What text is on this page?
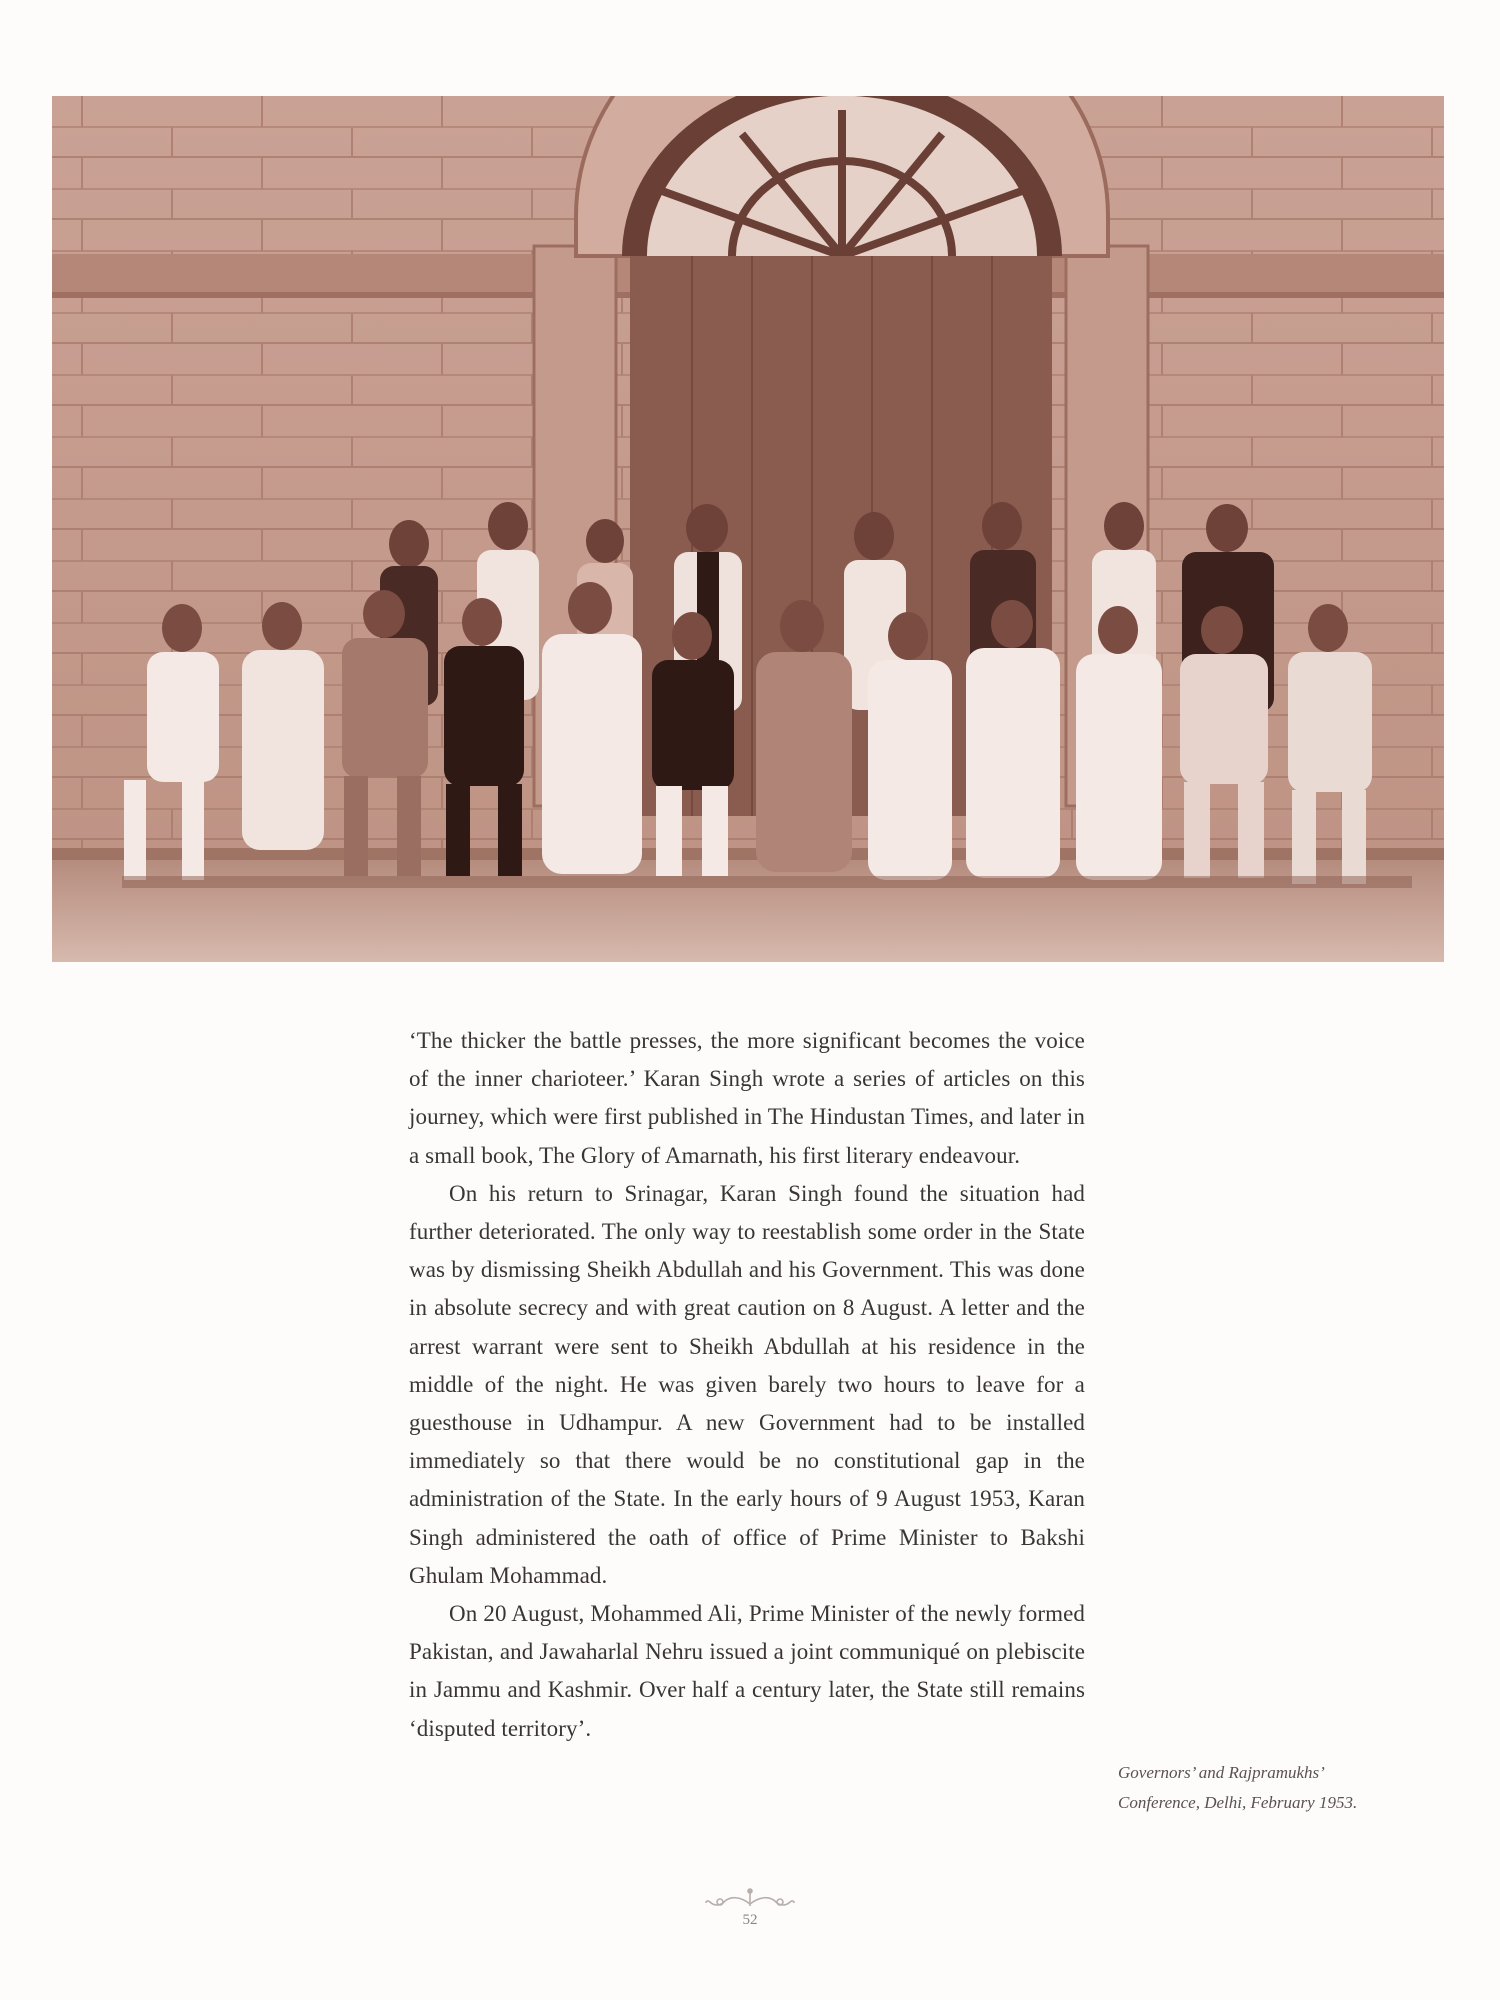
‘The thicker the battle presses, the more significant becomes the voice of the inner charioteer.’ Karan Singh wrote a series of articles on this journey, which were first published in The Hindustan Times, and later in a small book, The Glory of Amarnath, his first literary endeavour.

On his return to Srinagar, Karan Singh found the situation had further deteriorated. The only way to reestablish some order in the State was by dismissing Sheikh Abdullah and his Government. This was done in absolute secrecy and with great caution on 8 August. A letter and the arrest warrant were sent to Sheikh Abdullah at his residence in the middle of the night. He was given barely two hours to leave for a guesthouse in Udhampur. A new Government had to be installed immediately so that there would be no constitutional gap in the administration of the State. In the early hours of 9 August 1953, Karan Singh administered the oath of office of Prime Minister to Bakshi Ghulam Mohammad.

On 20 August, Mohammed Ali, Prime Minister of the newly formed Pakistan, and Jawaharlal Nehru issued a joint communiqué on plebiscite in Jammu and Kashmir. Over half a century later, the State still remains ‘disputed territory’.

Governors’ and Rajpramukhs’
Conference, Delhi, February 1953.
52
